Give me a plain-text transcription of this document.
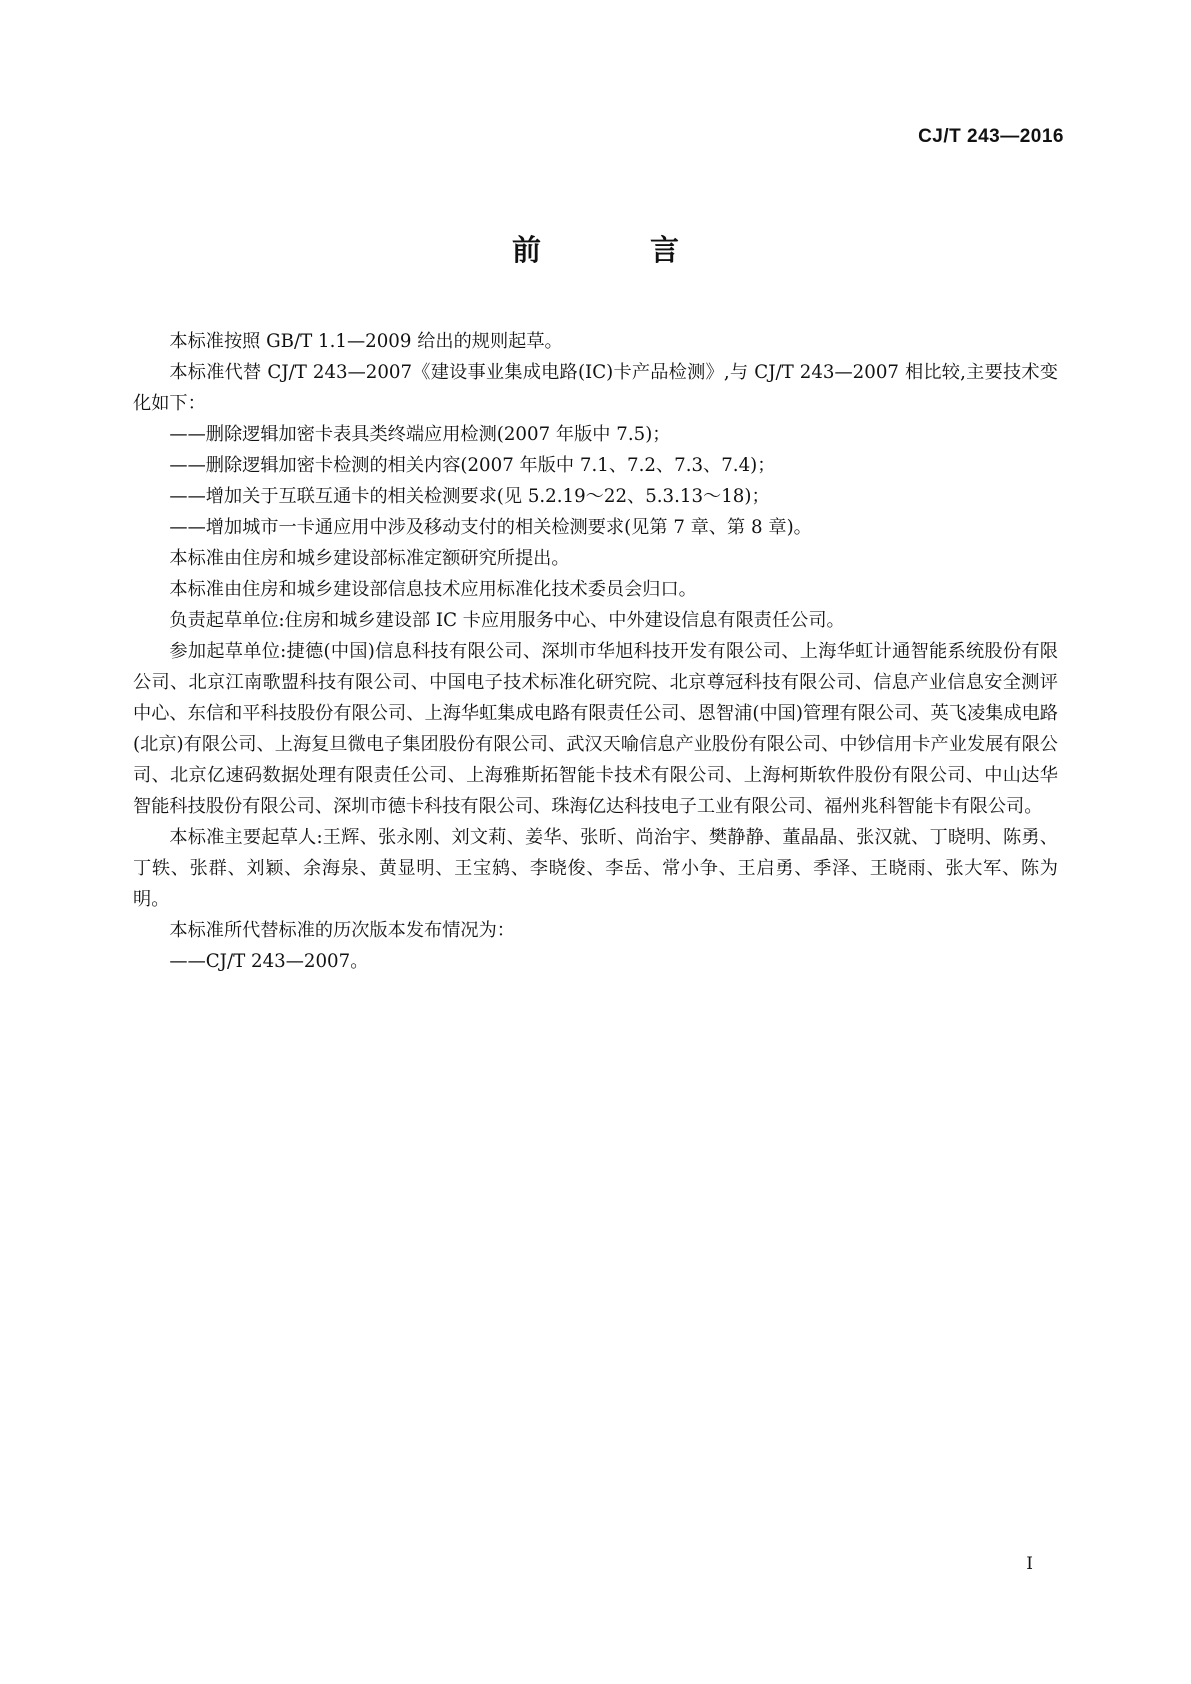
CJ/T 243—2016
前　言

本标准按照 GB/T 1.1—2009 给出的规则起草。

本标准代替 CJ/T 243—2007《建设事业集成电路(IC)卡产品检测》,与 CJ/T 243—2007 相比较,主要技术变化如下：

——删除逻辑加密卡表具类终端应用检测(2007 年版中 7.5)；

——删除逻辑加密卡检测的相关内容(2007 年版中 7.1、7.2、7.3、7.4)；

——增加关于互联互通卡的相关检测要求(见 5.2.19～22、5.3.13～18)；

——增加城市一卡通应用中涉及移动支付的相关检测要求(见第 7 章、第 8 章)。

本标准由住房和城乡建设部标准定额研究所提出。

本标准由住房和城乡建设部信息技术应用标准化技术委员会归口。

负责起草单位:住房和城乡建设部 IC 卡应用服务中心、中外建设信息有限责任公司。

参加起草单位:捷德(中国)信息科技有限公司、深圳市华旭科技开发有限公司、上海华虹计通智能系统股份有限公司、北京江南歌盟科技有限公司、中国电子技术标准化研究院、北京尊冠科技有限公司、信息产业信息安全测评中心、东信和平科技股份有限公司、上海华虹集成电路有限责任公司、恩智浦(中国)管理有限公司、英飞凌集成电路(北京)有限公司、上海复旦微电子集团股份有限公司、武汉天喻信息产业股份有限公司、中钞信用卡产业发展有限公司、北京亿速码数据处理有限责任公司、上海雅斯拓智能卡技术有限公司、上海柯斯软件股份有限公司、中山达华智能科技股份有限公司、深圳市德卡科技有限公司、珠海亿达科技电子工业有限公司、福州兆科智能卡有限公司。

本标准主要起草人:王辉、张永刚、刘文莉、姜华、张昕、尚治宇、樊静静、董晶晶、张汉就、丁晓明、陈勇、丁轶、张群、刘颖、余海泉、黄显明、王宝鸫、李晓俊、李岳、常小争、王启勇、季泽、王晓雨、张大军、陈为明。

本标准所代替标准的历次版本发布情况为：

——CJ/T 243—2007。

I
